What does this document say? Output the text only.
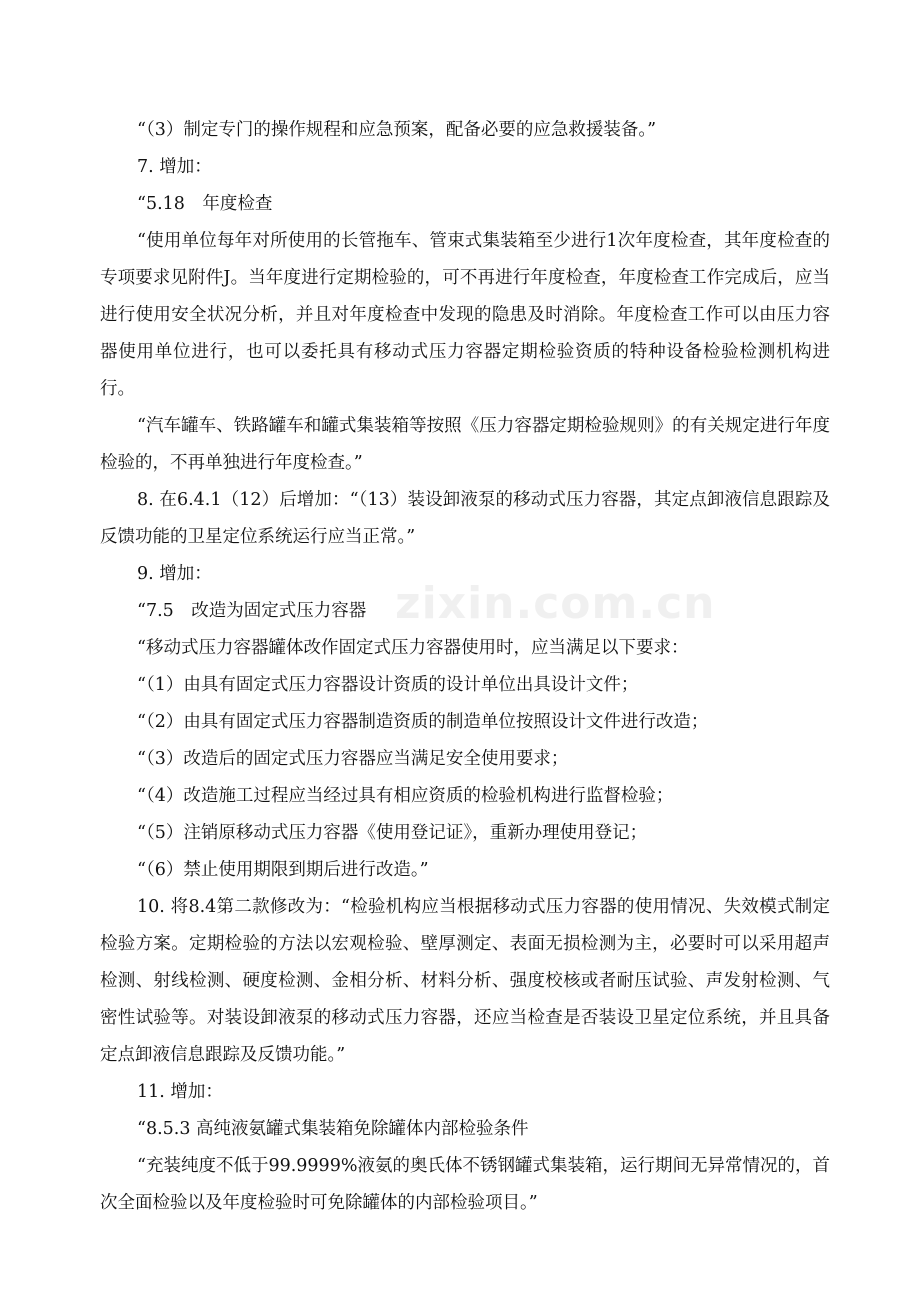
zixin.com.cn

“（3）制定专门的操作规程和应急预案，配备必要的应急救援装备。”

7. 增加：

“5.18　年度检查

“使用单位每年对所使用的长管拖车、管束式集装箱至少进行1次年度检查，其年度检查的专项要求见附件J。当年度进行定期检验的，可不再进行年度检查，年度检查工作完成后，应当进行使用安全状况分析，并且对年度检查中发现的隐患及时消除。年度检查工作可以由压力容器使用单位进行，也可以委托具有移动式压力容器定期检验资质的特种设备检验检测机构进行。

“汽车罐车、铁路罐车和罐式集装箱等按照《压力容器定期检验规则》的有关规定进行年度检验的，不再单独进行年度检查。”

8. 在6.4.1（12）后增加：“（13）装设卸液泵的移动式压力容器，其定点卸液信息跟踪及反馈功能的卫星定位系统运行应当正常。”

9. 增加：

“7.5　改造为固定式压力容器

“移动式压力容器罐体改作固定式压力容器使用时，应当满足以下要求：

“（1）由具有固定式压力容器设计资质的设计单位出具设计文件；

“（2）由具有固定式压力容器制造资质的制造单位按照设计文件进行改造；

“（3）改造后的固定式压力容器应当满足安全使用要求；

“（4）改造施工过程应当经过具有相应资质的检验机构进行监督检验；

“（5）注销原移动式压力容器《使用登记证》，重新办理使用登记；

“（6）禁止使用期限到期后进行改造。”

10. 将8.4第二款修改为：“检验机构应当根据移动式压力容器的使用情况、失效模式制定检验方案。定期检验的方法以宏观检验、壁厚测定、表面无损检测为主，必要时可以采用超声检测、射线检测、硬度检测、金相分析、材料分析、强度校核或者耐压试验、声发射检测、气密性试验等。对装设卸液泵的移动式压力容器，还应当检查是否装设卫星定位系统，并且具备定点卸液信息跟踪及反馈功能。”

11. 增加：

“8.5.3 高纯液氨罐式集装箱免除罐体内部检验条件

“充装纯度不低于99.9999%液氨的奥氏体不锈钢罐式集装箱，运行期间无异常情况的，首次全面检验以及年度检验时可免除罐体的内部检验项目。”
